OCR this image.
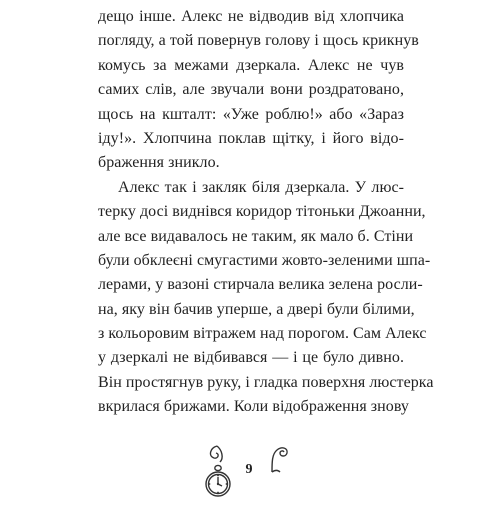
дещо інше. Алекс не відводив від хлопчика
погляду, а той повернув голову і щось крикнув
комусь за межами дзеркала. Алекс не чув
самих слів, але звучали вони роздратовано,
щось на кшталт: «Уже роблю!» або «Зараз
іду!». Хлопчина поклав щітку, і його відо-
браження зникло.
Алекс так і закляк біля дзеркала. У люс-
терку досі виднівся коридор тітоньки Джоанни,
але все видавалось не таким, як мало б. Стіни
були обклеєні смугастими жовто-зеленими шпа-
лерами, у вазоні стирчала велика зелена росли-
на, яку він бачив уперше, а двері були білими,
з кольоровим вітражем над порогом. Сам Алекс
у дзеркалі не відбивався — і це було дивно.
Він простягнув руку, і гладка поверхня люстерка
вкрилася брижами. Коли відображення знову
9
